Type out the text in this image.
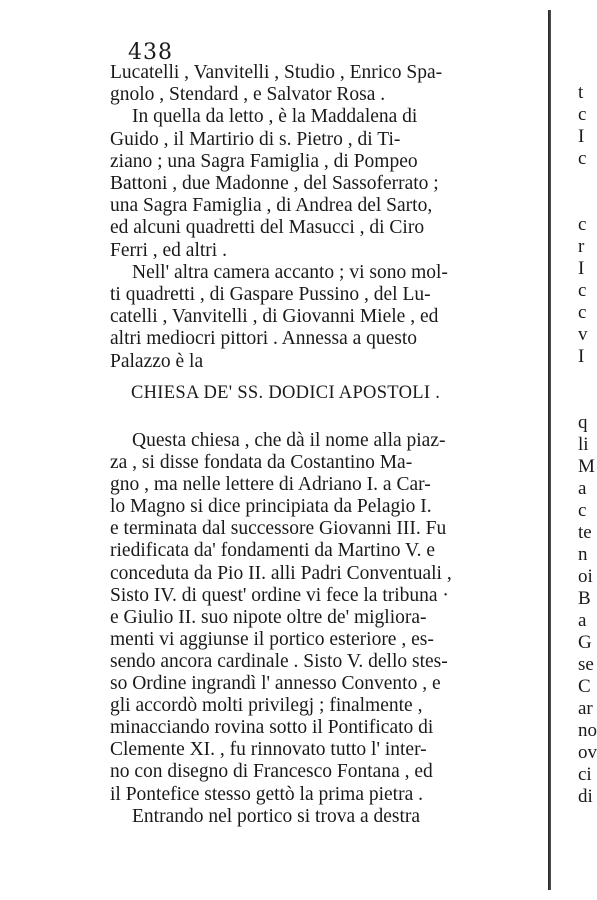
438
Lucatelli , Vanvitelli , Studio , Enrico Spa-
gnolo , Stendard , e Salvator Rosa .
In quella da letto , è la Maddalena di
Guido , il Martirio di s. Pietro , di Ti-
ziano ; una Sagra Famiglia , di Pompeo
Battoni , due Madonne , del Sassoferrato ;
una Sagra Famiglia , di Andrea del Sarto,
ed alcuni quadretti del Masucci , di Ciro
Ferri , ed altri .
Nell' altra camera accanto ; vi sono mol-
ti quadretti , di Gaspare Pussino , del Lu-
catelli , Vanvitelli , di Giovanni Miele , ed
altri mediocri pittori . Annessa a questo
Palazzo è la
CHIESA DE' SS. DODICI APOSTOLI .
Questa chiesa , che dà il nome alla piaz-
za , si disse fondata da Costantino Ma-
gno , ma nelle lettere di Adriano I. a Car-
lo Magno si dice principiata da Pelagio I.
e terminata dal successore Giovanni III. Fu
riedificata da' fondamenti da Martino V. e
conceduta da Pio II. alli Padri Conventuali ,
Sisto IV. di quest' ordine vi fece la tribuna ·
e Giulio II. suo nipote oltre de' migliora-
menti vi aggiunse il portico esteriore , es-
sendo ancora cardinale . Sisto V. dello stes-
so Ordine ingrandì l' annesso Convento , e
gli accordò molti privilegj ; finalmente ,
minacciando rovina sotto il Pontificato di
Clemente XI. , fu rinnovato tutto l' inter-
no con disegno di Francesco Fontana , ed
il Pontefice stesso gettò la prima pietra .
Entrando nel portico si trova a destra
t
c
I
c
c
r
I
c
c
v
I
q
li
M
a
c
te
n
oi
B
a
G
se
C
ar
no
ov
ci
di
